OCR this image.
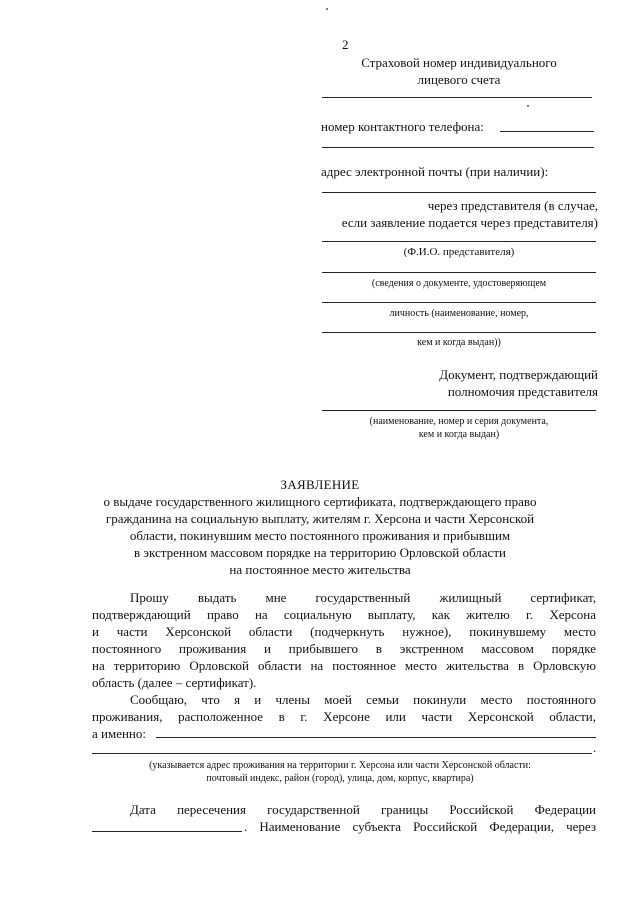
2
Страховой номер индивидуального
лицевого счета
номер контактного телефона:
адрес электронной почты (при наличии):
через представителя (в случае,
если заявление подается через представителя)
(Ф.И.О. представителя)
(сведения о документе, удостоверяющем
личность (наименование, номер,
кем и когда выдан))
Документ, подтверждающий
полномочия представителя
(наименование, номер и серия документа,
кем и когда выдан)
ЗАЯВЛЕНИЕ
о выдаче государственного жилищного сертификата, подтверждающего право
гражданина на социальную выплату, жителям г. Херсона и части Херсонской
области, покинувшим место постоянного проживания и прибывшим
в экстренном массовом порядке на территорию Орловской области
на постоянное место жительства
Прошу выдать мне государственный жилищный сертификат,
подтверждающий право на социальную выплату, как жителю г. Херсона
и части Херсонской области (подчеркнуть нужное), покинувшему место
постоянного проживания и прибывшего в экстренном массовом порядке
на территорию Орловской области на постоянное место жительства в Орловскую
область (далее – сертификат).
Сообщаю, что я и члены моей семьи покинули место постоянного
проживания, расположенное в г. Херсоне или части Херсонской области,
а именно:
.
(указывается адрес проживания на территории г. Херсона или части Херсонской области:
почтовый индекс, район (город), улица, дом, корпус, квартира)
Дата пересечения государственной границы Российской Федерации
. Наименование субъекта Российской Федерации, через
